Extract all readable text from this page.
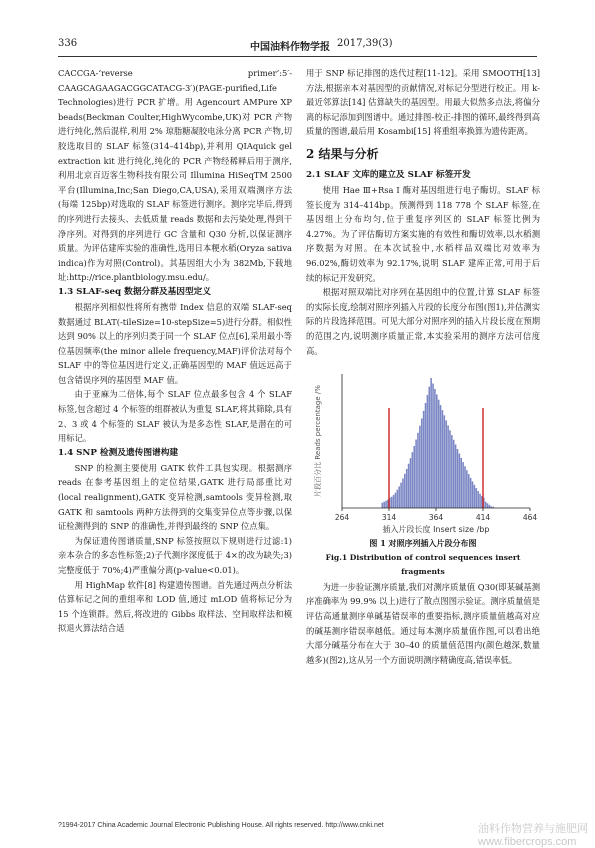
336	中国油料作物学报 2017,39(3)

CACCGA-‘reverse primer’:5′-CAAGCAGAAGACGGCATACG-3′)(PAGE-purified,Life Technologies)进行 PCR 扩增。用 Agencourt AMPure XP beads(Beckman Coulter,HighWycombe,UK)对 PCR 产物进行纯化,然后混样,利用 2% 琼脂糖凝胶电泳分离 PCR 产物,切胶选取目的 SLAF 标签(314–414bp),并利用 QIAquick gel extraction kit 进行纯化,纯化的 PCR 产物经稀释后用于测序,利用北京百迈客生物科技有限公司 Illumina HiSeqTM 2500 平台(Illumina,Inc;San Diego,CA,USA),采用双端测序方法(每端 125bp)对选取的 SLAF 标签进行测序。测序完毕后,得到的序列进行去接头、去低质量 reads 数据和去污染处理,得到干净序列。对得到的序列进行 GC 含量和 Q30 分析,以保证测序质量。为评估建库实验的准确性,选用日本粳水稻(Oryza sativa indica)作为对照(Control)。其基因组大小为 382Mb,下载地址:http://rice.plantbiology.msu.edu/。

1.3 SLAF-seq 数据分群及基因型定义

根据序列相似性将所有携带 Index 信息的双端 SLAF-seq 数据通过 BLAT(-tileSize=10-stepSize=5)进行分群。相似性达到 90% 以上的序列归类于同一个 SLAF 位点[6],采用最小等位基因频率(the minor allele frequency,MAF)评价法对每个 SLAF 中的等位基因进行定义,正确基因型的 MAF 值远远高于包含错误序列的基因型 MAF 值。

由于亚麻为二倍体,每个 SLAF 位点最多包含 4 个 SLAF 标签,包含超过 4 个标签的组群被认为重复 SLAF,将其筛除,具有 2、3 或 4 个标签的 SLAF 被认为是多态性 SLAF,是潜在的可用标记。

1.4 SNP 检测及遗传图谱构建

SNP 的检测主要使用 GATK 软件工具包实现。根据测序 reads 在参考基因组上的定位结果,GATK 进行局部重比对(local realignment),GATK 变异检测,samtools 变异检测,取 GATK 和 samtools 两种方法得到的交集变异位点等步骤,以保证检测得到的 SNP 的准确性,并得到最终的 SNP 位点集。

为保证遗传图谱质量,SNP 标签按照以下规则进行过滤:1)亲本杂合的多态性标签;2)子代测序深度低于 4×的改为缺失;3)完整度低于 70%;4)严重偏分离(p-value<0.01)。

用 HighMap 软件[8] 构建遗传图谱。首先通过两点分析法估算标记之间的重组率和 LOD 值,通过 mLOD 值将标记分为 15 个连锁群。然后,将改进的 Gibbs 取样法、空间取样法和模拟退火算法结合适

用于 SNP 标记排图的迭代过程[11-12]。采用 SMOOTH[13] 方法,根据亲本对基因型的贡献情况,对标记分型进行校正。用 k-最近邻算法[14] 估算缺失的基因型。用最大似然多点法,将偏分离的标记添加到图谱中。通过排图-校正-排图的循环,最终得到高质量的图谱,最后用 Kosambi[15] 将重组率换算为遗传距离。

2 结果与分析
2.1 SLAF 文库的建立及 SLAF 标签开发

使用 Hae Ⅲ+Rsa Ⅰ 酶对基因组进行电子酶切。SLAF 标签长度为 314–414bp。预测得到 118 778 个 SLAF 标签,在基因组上分布均匀,位于重复序列区的 SLAF 标签比例为 4.27%。为了评估酶切方案实施的有效性和酶切效率,以水稻测序数据为对照。在本次试验中,水稻样品双端比对效率为 96.02%,酶切效率为 92.17%,说明 SLAF 建库正常,可用于后续的标记开发研究。

根据对照双端比对序列在基因组中的位置,计算 SLAF 标签的实际长度,绘制对照序列插入片段的长度分布图(图1),并估测实际的片段选择范围。可见大部分对照序列的插入片段长度在预期的范围之内,说明测序质量正常,本实验采用的测序方法可信度高。

264	314	364	414	464
插入片段长度 Insert size /bp
片段百分比 Reads percentage /%

图 1 对照序列插入片段分布图

Fig.1 Distribution of control sequences insert fragments

为进一步验证测序质量,我们对测序质量值 Q30(即某碱基测序准确率为 99.9% 以上)进行了散点图图示验证。测序质量值是评估高通量测序单碱基错误率的重要指标,测序质量值越高对应的碱基测序错误率越低。通过每本测序质量值作图,可以看出绝大部分碱基分布在大于 30–40 的质量值范围内(颜色越深,数量越多)(图2),这从另一个方面说明测序精确度高,错误率低。

?1994-2017 China Academic Journal Electronic Publishing House. All rights reserved. http://www.cnki.net	油料作物营养与施肥网 www.fibercrops.com
